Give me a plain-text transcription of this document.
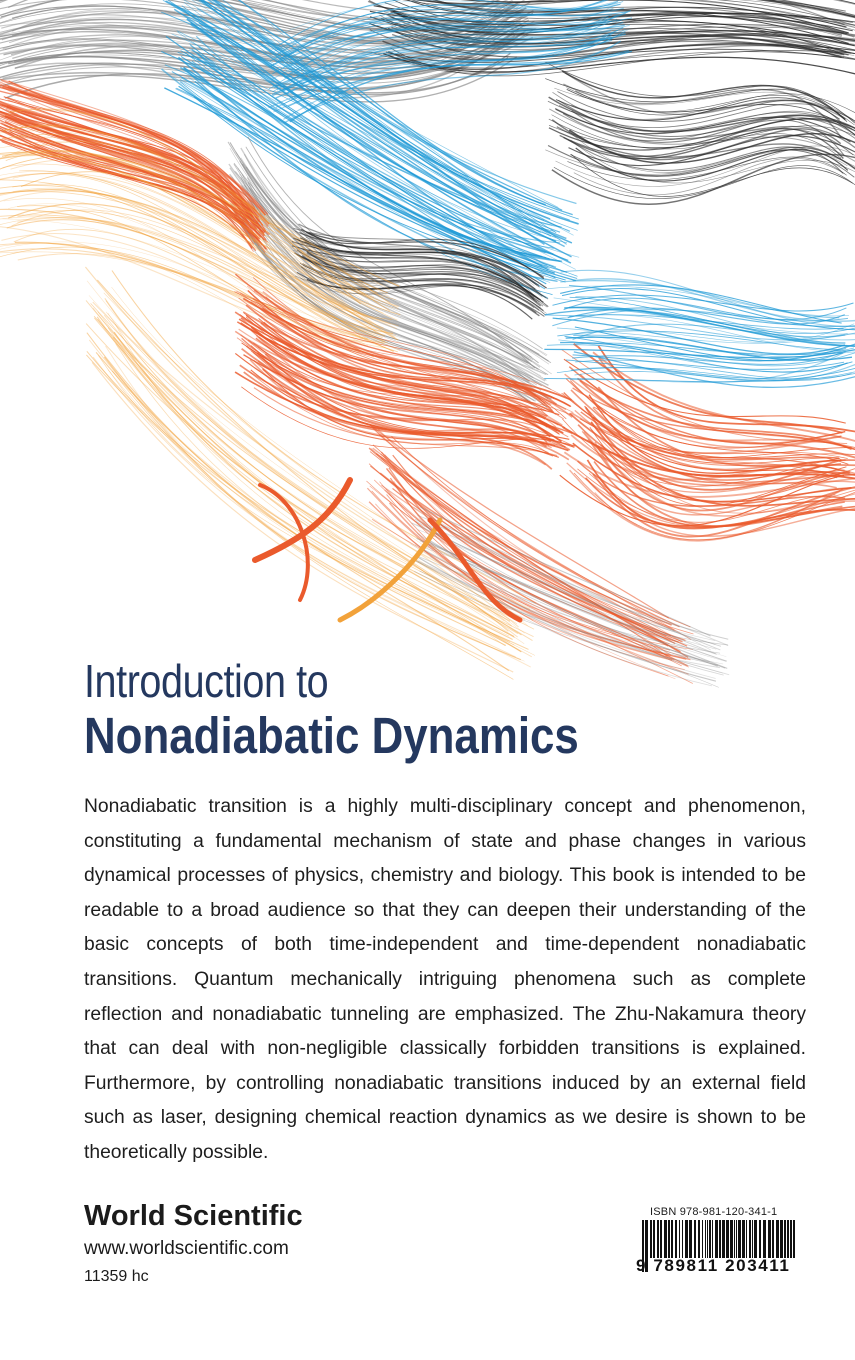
Introduction to
Nonadiabatic Dynamics

Nonadiabatic transition is a highly multi-disciplinary concept and phenomenon, constituting a fundamental mechanism of state and phase changes in various dynamical processes of physics, chemistry and biology. This book is intended to be readable to a broad audience so that they can deepen their understanding of the basic concepts of both time-independent and time-dependent nonadiabatic transitions. Quantum mechanically intriguing phenomena such as complete reflection and nonadiabatic tunneling are emphasized. The Zhu-Nakamura theory that can deal with non-negligible classically forbidden transitions is explained. Furthermore, by controlling nonadiabatic transitions induced by an external field such as laser, designing chemical reaction dynamics as we desire is shown to be theoretically possible.

World Scientific
www.worldscientific.com
11359 hc
ISBN 978-981-120-341-1
9 789811 203411
